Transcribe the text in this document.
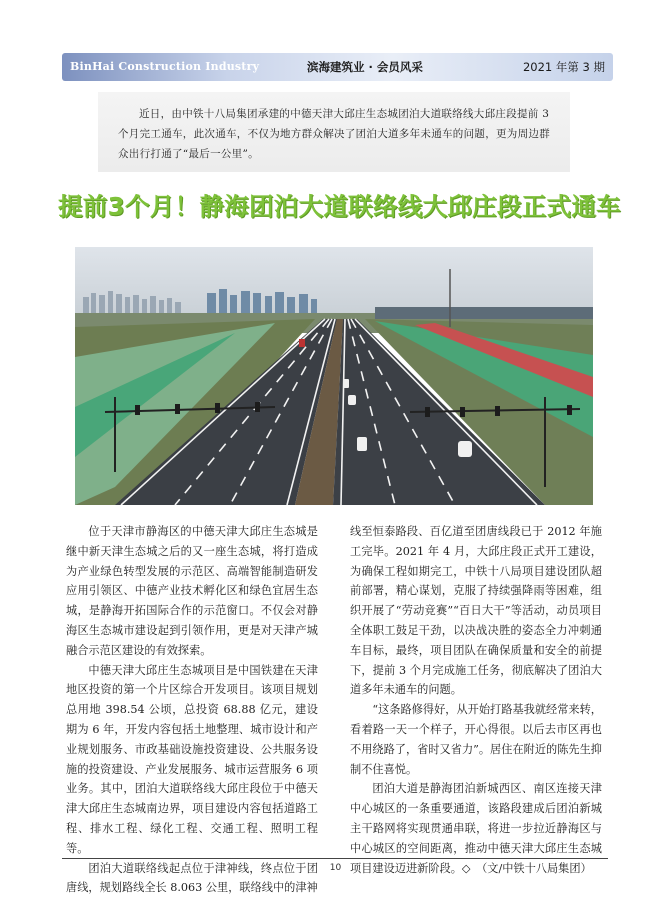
BinHai Construction Industry	滨海建筑业 · 会员风采	2021 年第 3 期
近日，由中铁十八局集团承建的中德天津大邱庄生态城团泊大道联络线大邱庄段提前 3 个月完工通车，此次通车，不仅为地方群众解决了团泊大道多年未通车的问题，更为周边群众出行打通了“最后一公里”。
提前3个月！静海团泊大道联络线大邱庄段正式通车

位于天津市静海区的中德天津大邱庄生态城是继中新天津生态城之后的又一座生态城，将打造成为产业绿色转型发展的示范区、高端智能制造研发应用引领区、中德产业技术孵化区和绿色宜居生态城，是静海开拓国际合作的示范窗口。不仅会对静海区生态城市建设起到引领作用，更是对天津产城融合示范区建设的有效探索。

中德天津大邱庄生态城项目是中国铁建在天津地区投资的第一个片区综合开发项目。该项目规划总用地 398.54 公顷，总投资 68.88 亿元，建设期为 6 年，开发内容包括土地整理、城市设计和产业规划服务、市政基础设施投资建设、公共服务设施的投资建设、产业发展服务、城市运营服务 6 项业务。其中，团泊大道联络线大邱庄段位于中德天津大邱庄生态城南边界，项目建设内容包括道路工程、排水工程、绿化工程、交通工程、照明工程等。

团泊大道联络线起点位于津神线，终点位于团唐线，规划路线全长 8.063 公里，联络线中的津神

线至恒泰路段、百亿道至团唐线段已于 2012 年施工完毕。2021 年 4 月，大邱庄段正式开工建设，为确保工程如期完工，中铁十八局项目建设团队超前部署，精心谋划，克服了持续强降雨等困难，组织开展了“劳动竞赛”“百日大干”等活动，动员项目全体职工鼓足干劲，以决战决胜的姿态全力冲刺通车目标，最终，项目团队在确保质量和安全的前提下，提前 3 个月完成施工任务，彻底解决了团泊大道多年未通车的问题。

“这条路修得好，从开始打路基我就经常来转，看着路一天一个样子，开心得很。以后去市区再也不用绕路了，省时又省力”。居住在附近的陈先生抑制不住喜悦。

团泊大道是静海团泊新城西区、南区连接天津中心城区的一条重要通道，该路段建成后团泊新城主干路网将实现贯通串联，将进一步拉近静海区与中心城区的空间距离，推动中德天津大邱庄生态城项目建设迈进新阶段。◇　（文/中铁十八局集团）

10
